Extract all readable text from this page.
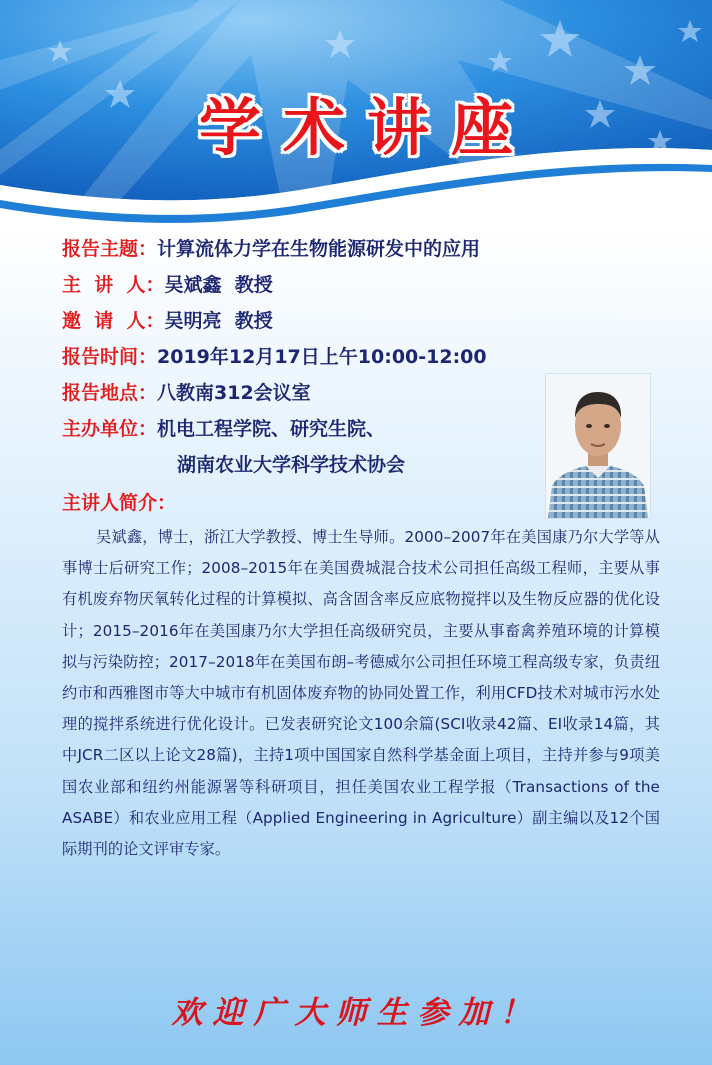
学术讲座
报告主题：计算流体力学在生物能源研发中的应用
主  讲  人：吴斌鑫  教授
邀  请  人：吴明亮  教授
报告时间：2019年12月17日上午10:00-12:00
报告地点：八教南312会议室
主办单位：机电工程学院、研究生院、
湖南农业大学科学技术协会
主讲人简介：
吴斌鑫，博士，浙江大学教授、博士生导师。2000–2007年在美国康乃尔大学等从事博士后研究工作；2008–2015年在美国费城混合技术公司担任高级工程师，主要从事有机废弃物厌氧转化过程的计算模拟、高含固含率反应底物搅拌以及生物反应器的优化设计；2015–2016年在美国康乃尔大学担任高级研究员，主要从事畜禽养殖环境的计算模拟与污染防控；2017–2018年在美国布朗–考德威尔公司担任环境工程高级专家，负责纽约市和西雅图市等大中城市有机固体废弃物的协同处置工作，利用CFD技术对城市污水处理的搅拌系统进行优化设计。已发表研究论文100余篇(SCI收录42篇、EI收录14篇，其中JCR二区以上论文28篇)，主持1项中国国家自然科学基金面上项目，主持并参与9项美国农业部和纽约州能源署等科研项目，担任美国农业工程学报（Transactions of the ASABE）和农业应用工程（Applied Engineering in Agriculture）副主编以及12个国际期刊的论文评审专家。
欢迎广大师生参加！
